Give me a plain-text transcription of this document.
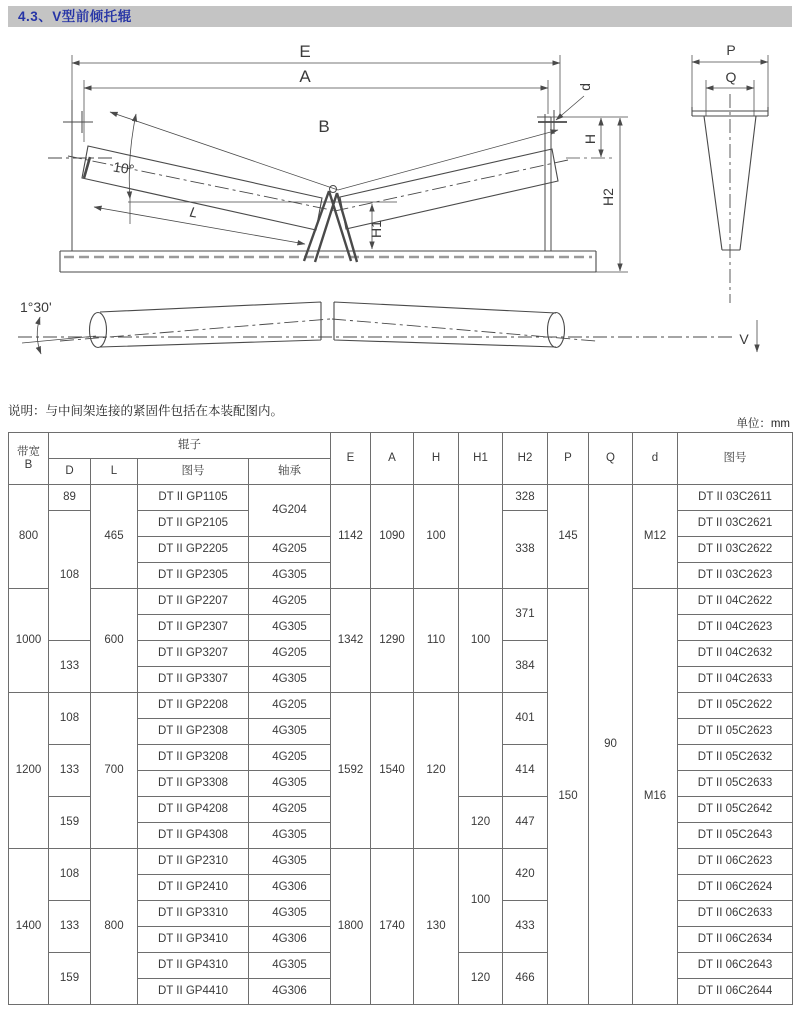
4.3、V型前倾托辊
E
A
B
10°
L
H1
H
H2
d
P
Q
1°30'
V
说明：与中间架连接的紧固件包括在本装配图内。
单位：mm
带宽
B	辊子				E	A	H	H1	H2	P	Q	d	图号
	D	L	图号	轴承									
800	89	465	DT II GP1105	4G204	1142	1090	100		328	145	90	M12	DT II 03C2611
	108		DT II GP2105						338				DT II 03C2621
			DT II GP2205	4G205									DT II 03C2622
			DT II GP2305	4G305									DT II 03C2623
1000		600	DT II GP2207	4G205	1342	1290	110	100	371	150		M16	DT II 04C2622
			DT II GP2307	4G305									DT II 04C2623
	133		DT II GP3207	4G205					384				DT II 04C2632
			DT II GP3307	4G305									DT II 04C2633
1200	108	700	DT II GP2208	4G205	1592	1540	120		401				DT II 05C2622
			DT II GP2308	4G305									DT II 05C2623
	133		DT II GP3208	4G205					414				DT II 05C2632
			DT II GP3308	4G305									DT II 05C2633
	159		DT II GP4208	4G205				120	447				DT II 05C2642
			DT II GP4308	4G305									DT II 05C2643
1400	108	800	DT II GP2310	4G305	1800	1740	130	100	420				DT II 06C2623
			DT II GP2410	4G306									DT II 06C2624
	133		DT II GP3310	4G305					433				DT II 06C2633
			DT II GP3410	4G306									DT II 06C2634
	159		DT II GP4310	4G305				120	466				DT II 06C2643
			DT II GP4410	4G306									DT II 06C2644
